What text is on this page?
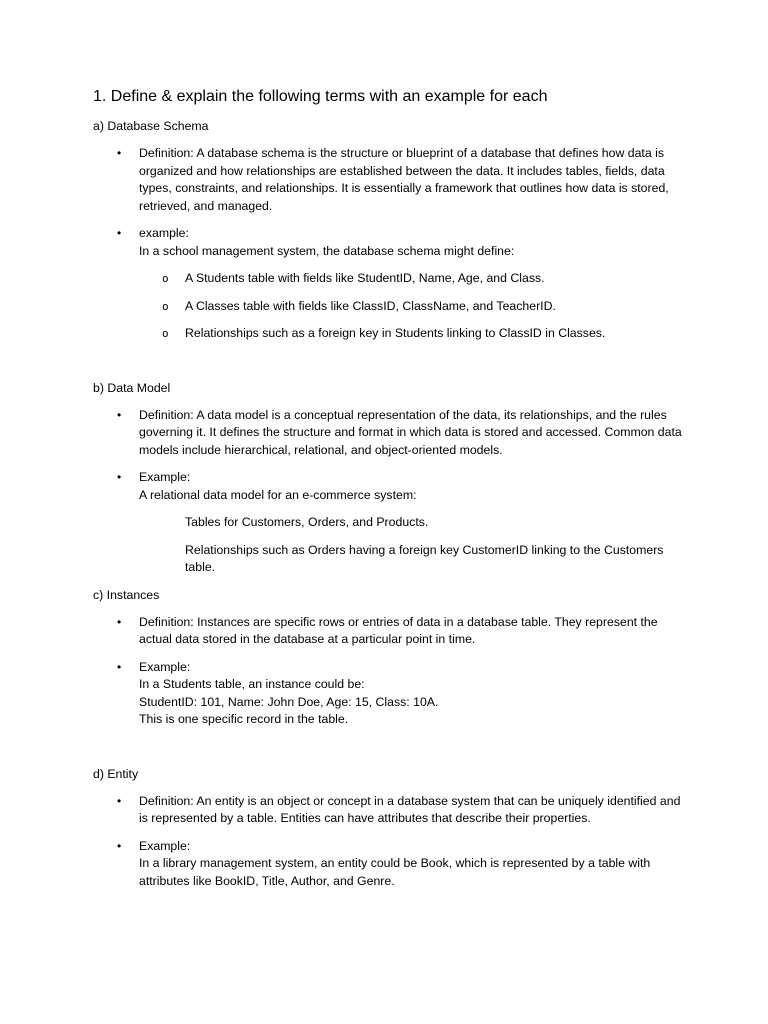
1. Define & explain the following terms with an example for each

a) Database Schema

• Definition: A database schema is the structure or blueprint of a database that defines how data is organized and how relationships are established between the data. It includes tables, fields, data types, constraints, and relationships. It is essentially a framework that outlines how data is stored, retrieved, and managed.
• example:
In a school management system, the database schema might define:
o A Students table with fields like StudentID, Name, Age, and Class.
o A Classes table with fields like ClassID, ClassName, and TeacherID.
o Relationships such as a foreign key in Students linking to ClassID in Classes.

b) Data Model

• Definition: A data model is a conceptual representation of the data, its relationships, and the rules governing it. It defines the structure and format in which data is stored and accessed. Common data models include hierarchical, relational, and object-oriented models.
• Example:
A relational data model for an e-commerce system:

Tables for Customers, Orders, and Products.

Relationships such as Orders having a foreign key CustomerID linking to the Customers table.

c) Instances

• Definition: Instances are specific rows or entries of data in a database table. They represent the actual data stored in the database at a particular point in time.
• Example:
In a Students table, an instance could be:
StudentID: 101, Name: John Doe, Age: 15, Class: 10A.
This is one specific record in the table.

d) Entity

• Definition: An entity is an object or concept in a database system that can be uniquely identified and is represented by a table. Entities can have attributes that describe their properties.
• Example:
In a library management system, an entity could be Book, which is represented by a table with attributes like BookID, Title, Author, and Genre.
